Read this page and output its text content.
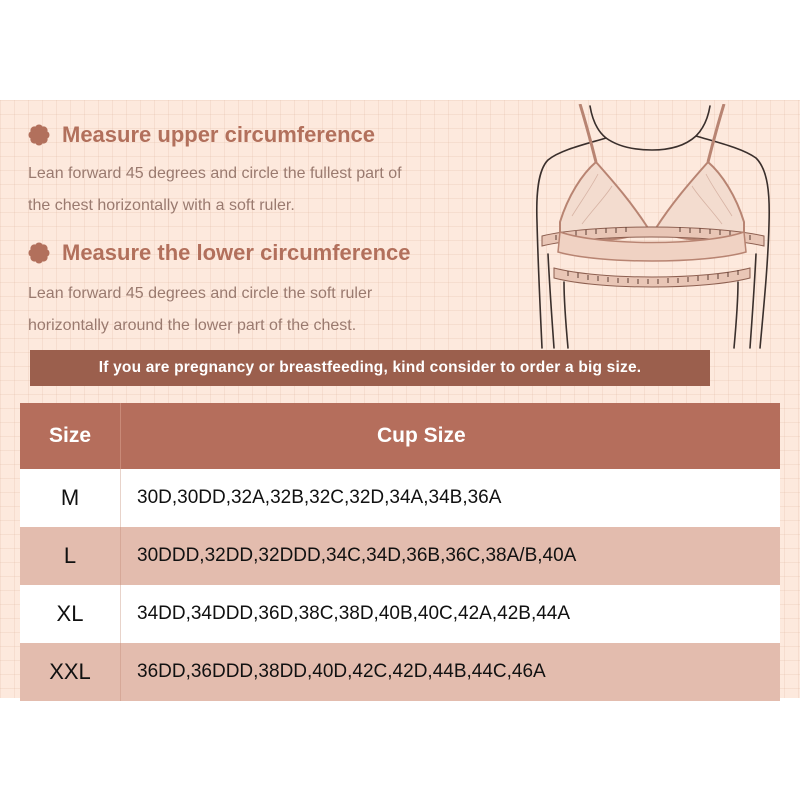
Measure upper circumference
Lean forward 45 degrees and circle the fullest part of
the chest horizontally with a soft ruler.
Measure the lower circumference
Lean forward 45 degrees and circle the soft ruler
horizontally around the lower part of the chest.
If you are pregnancy or breastfeeding, kind consider to order a big size.
Size	Cup Size
M	30D,30DD,32A,32B,32C,32D,34A,34B,36A
L	30DDD,32DD,32DDD,34C,34D,36B,36C,38A/B,40A
XL	34DD,34DDD,36D,38C,38D,40B,40C,42A,42B,44A
XXL	36DD,36DDD,38DD,40D,42C,42D,44B,44C,46A
